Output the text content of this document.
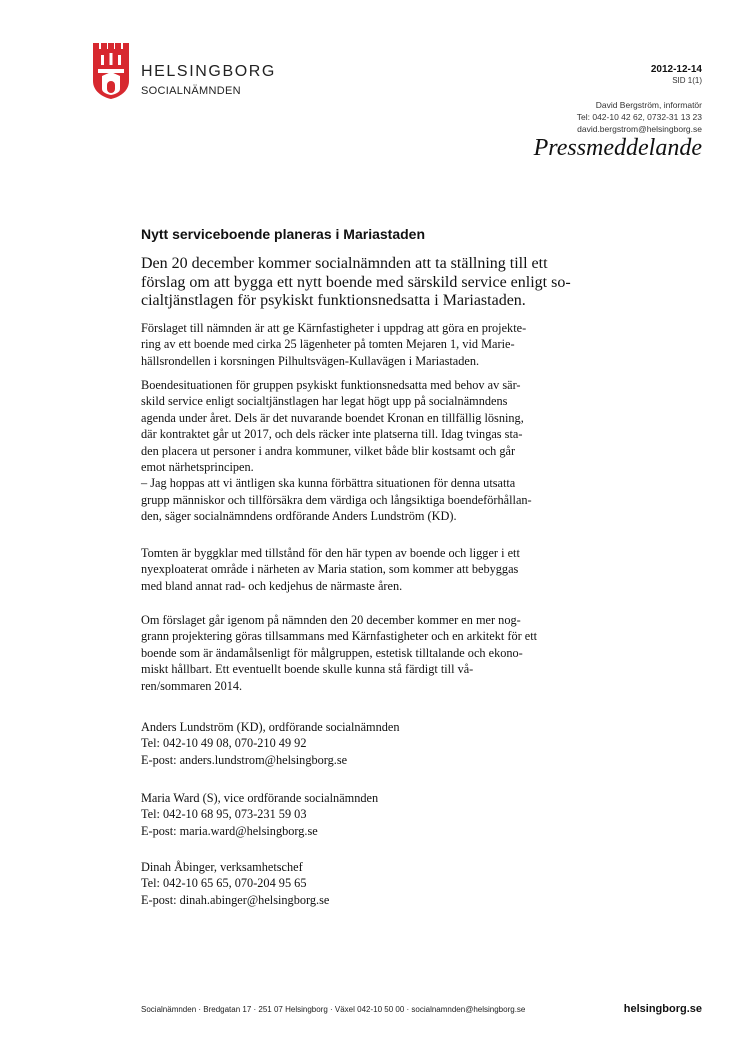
HELSINGBORG
SOCIALNÄMNDEN
2012-12-14
SID 1(1)
David Bergström, informatör
Tel: 042-10 42 62, 0732-31 13 23
david.bergstrom@helsingborg.se
Pressmeddelande
Nytt serviceboende planeras i Mariastaden
Den 20 december kommer socialnämnden att ta ställning till ett
förslag om att bygga ett nytt boende med särskild service enligt so-
cialtjänstlagen för psykiskt funktionsnedsatta i Mariastaden.
Förslaget till nämnden är att ge Kärnfastigheter i uppdrag att göra en projekte-
ring av ett boende med cirka 25 lägenheter på tomten Mejaren 1, vid Marie-
hällsrondellen i korsningen Pilhultsvägen-Kullavägen i Mariastaden.
Boendesituationen för gruppen psykiskt funktionsnedsatta med behov av sär-
skild service enligt socialtjänstlagen har legat högt upp på socialnämndens
agenda under året. Dels är det nuvarande boendet Kronan en tillfällig lösning,
där kontraktet går ut 2017, och dels räcker inte platserna till. Idag tvingas sta-
den placera ut personer i andra kommuner, vilket både blir kostsamt och går
emot närhetsprincipen.
– Jag hoppas att vi äntligen ska kunna förbättra situationen för denna utsatta
grupp människor och tillförsäkra dem värdiga och långsiktiga boendeförhållan-
den, säger socialnämndens ordförande Anders Lundström (KD).
Tomten är byggklar med tillstånd för den här typen av boende och ligger i ett
nyexploaterat område i närheten av Maria station, som kommer att bebyggas
med bland annat rad- och kedjehus de närmaste åren.
Om förslaget går igenom på nämnden den 20 december kommer en mer nog-
grann projektering göras tillsammans med Kärnfastigheter och en arkitekt för ett
boende som är ändamålsenligt för målgruppen, estetisk tilltalande och ekono-
miskt hållbart. Ett eventuellt boende skulle kunna stå färdigt till vå-
ren/sommaren 2014.
Anders Lundström (KD), ordförande socialnämnden
Tel: 042-10 49 08, 070-210 49 92
E-post: anders.lundstrom@helsingborg.se
Maria Ward (S), vice ordförande socialnämnden
Tel: 042-10 68 95, 073-231 59 03
E-post: maria.ward@helsingborg.se
Dinah Åbinger, verksamhetschef
Tel: 042-10 65 65, 070-204 95 65
E-post: dinah.abinger@helsingborg.se
Socialnämnden · Bredgatan 17 · 251 07 Helsingborg · Växel 042-10 50 00 · socialnamnden@helsingborg.se	helsingborg.se
